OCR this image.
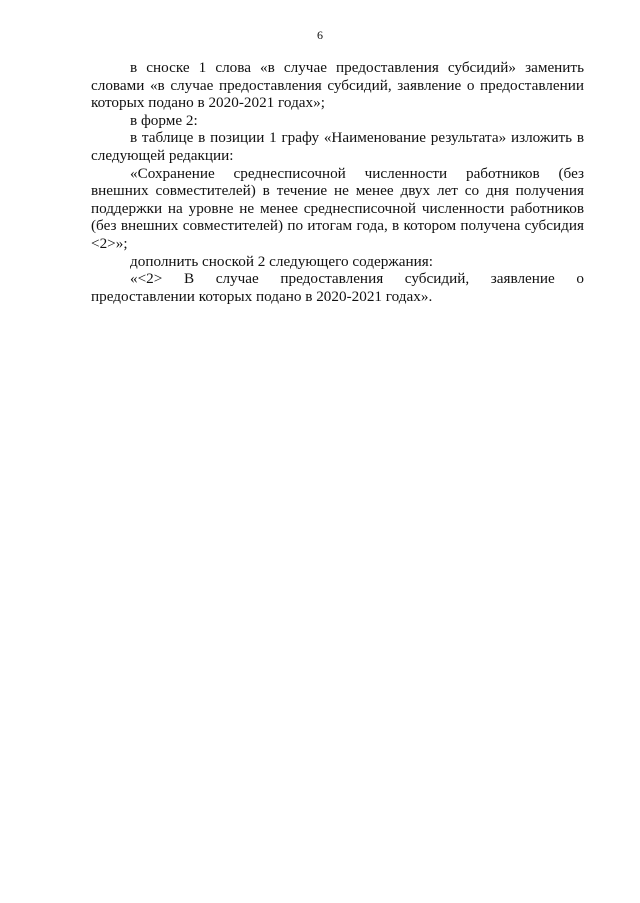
6

в сноске 1 слова «в случае предоставления субсидий» заменить словами «в случае предоставления субсидий, заявление о предоставлении которых подано в 2020-2021 годах»;

в форме 2:

в таблице в позиции 1 графу «Наименование результата» изложить в следующей редакции:

«Сохранение среднесписочной численности работников (без внешних совместителей) в течение не менее двух лет со дня получения поддержки на уровне не менее среднесписочной численности работников (без внешних совместителей) по итогам года, в котором получена субсидия <2>»;

дополнить сноской 2 следующего содержания:

«<2> В случае предоставления субсидий, заявление о предоставлении которых подано в 2020-2021 годах».
